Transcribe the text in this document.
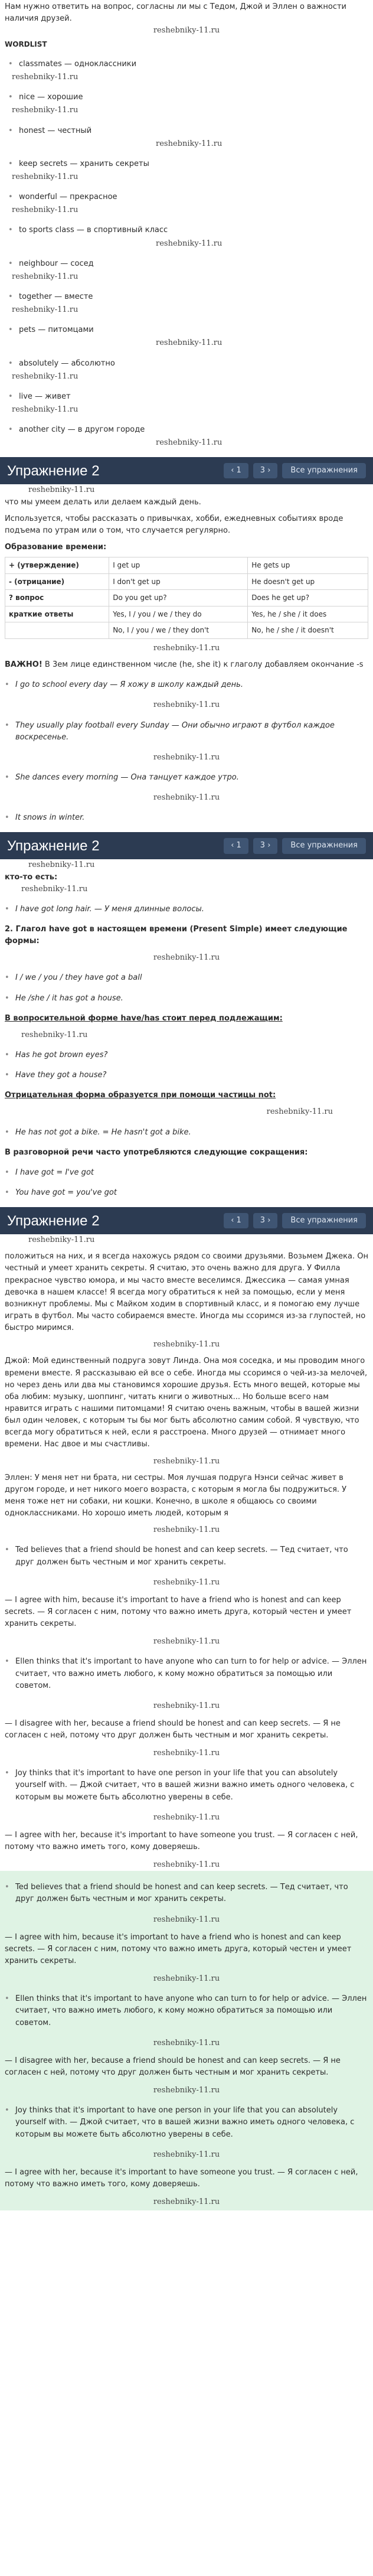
Нам нужно ответить на вопрос, согласны ли мы с Тедом, Джой и Эллен о важности наличия друзей.
reshebniky-11.ru
WORDLIST
• classmates — одноклассники
reshebniky-11.ru
• nice — хорошие
reshebniky-11.ru
• honest — честный
reshebniky-11.ru
• keep secrets — хранить секреты
reshebniky-11.ru
• wonderful — прекрасное
reshebniky-11.ru
• to sports class — в спортивный класс
reshebniky-11.ru
• neighbour — сосед
reshebniky-11.ru
• together — вместе
reshebniky-11.ru
• pets — питомцами
reshebniky-11.ru
• absolutely — абсолютно
reshebniky-11.ru
• live — живет
reshebniky-11.ru
• another city — в другом городе
reshebniky-11.ru
Упражнение 2	‹ 1	3 ›	Все упражнения
reshebniky-11.ru
что мы умеем делать или делаем каждый день.
Используется, чтобы рассказать о привычках, хобби, ежедневных событиях вроде подъема по утрам или о том, что случается регулярно.
Образование времени:
+ (утверждение)	I get up	He gets up
- (отрицание)	I don't get up	He doesn't get up
? вопрос	Do you get up?	Does he get up?
краткие ответы	Yes, I / you / we / they do	Yes, he / she / it does
	No, I / you / we / they don't	No, he / she / it doesn't
reshebniky-11.ru
ВАЖНО! В 3ем лице единственном числе (he, she it) к глаголу добавляем окончание -s
• I go to school every day — Я хожу в школу каждый день.
reshebniky-11.ru
• They usually play football every Sunday — Они обычно играют в футбол каждое воскресенье.
reshebniky-11.ru
• She dances every morning — Она танцует каждое утро.
reshebniky-11.ru
• It snows in winter.
Упражнение 2	‹ 1	3 ›	Все упражнения
reshebniky-11.ru
кто-то есть:
reshebniky-11.ru
• I have got long hair. — У меня длинные волосы.
2. Глагол have got в настоящем времени (Present Simple) имеет следующие формы:
reshebniky-11.ru
• I / we / you / they have got a ball
• He /she / it has got a house.
В вопросительной форме have/has стоит перед подлежащим:
reshebniky-11.ru
• Has he got brown eyes?
• Have they got a house?
Отрицательная форма образуется при помощи частицы not:
reshebniky-11.ru
• He has not got a bike. = He hasn't got a bike.
В разговорной речи часто употребляются следующие сокращения:
• I have got = I've got
• You have got = you've got
Упражнение 2	‹ 1	3 ›	Все упражнения
reshebniky-11.ru
положиться на них, и я всегда нахожусь рядом со своими друзьями. Возьмем Джека. Он честный и умеет хранить секреты. Я считаю, это очень важно для друга. У Филла прекрасное чувство юмора, и мы часто вместе веселимся. Джессика — самая умная девочка в нашем классе! Я всегда могу обратиться к ней за помощью, если у меня возникнут проблемы. Мы с Майком ходим в спортивный класс, и я помогаю ему лучше играть в футбол. Мы часто собираемся вместе. Иногда мы ссоримся из-за глупостей, но быстро миримся.
reshebniky-11.ru
Джой: Мой единственный подруга зовут Линда. Она моя соседка, и мы проводим много времени вместе. Я рассказываю ей все о себе. Иногда мы ссоримся о чей-из-за мелочей, но через день или два мы становимся хорошие друзья. Есть много вещей, которые мы оба любим: музыку, шоппинг, читать книги о животных... Но больше всего нам нравится играть с нашими питомцами! Я считаю очень важным, чтобы в вашей жизни был один человек, с которым ты бы мог быть абсолютно самим собой. Я чувствую, что всегда могу обратиться к ней, если я расстроена. Много друзей — отнимает много времени. Нас двое и мы счастливы.
reshebniky-11.ru
Эллен: У меня нет ни брата, ни сестры. Моя лучшая подруга Нэнси сейчас живет в другом городе, и нет никого моего возраста, с которым я могла бы подружиться. У меня тоже нет ни собаки, ни кошки. Конечно, в школе я общаюсь со своими одноклассниками. Но хорошо иметь людей, которым я
reshebniky-11.ru
• Ted believes that a friend should be honest and can keep secrets. — Тед считает, что друг должен быть честным и мог хранить секреты.
reshebniky-11.ru
— I agree with him, because it's important to have a friend who is honest and can keep secrets. — Я согласен с ним, потому что важно иметь друга, который честен и умеет хранить секреты.
reshebniky-11.ru
• Ellen thinks that it's important to have anyone who can turn to for help or advice. — Эллен считает, что важно иметь любого, к кому можно обратиться за помощью или советом.
reshebniky-11.ru
— I disagree with her, because a friend should be honest and can keep secrets. — Я не согласен с ней, потому что друг должен быть честным и мог хранить секреты.
reshebniky-11.ru
• Joy thinks that it's important to have one person in your life that you can absolutely yourself with. — Джой считает, что в вашей жизни важно иметь одного человека, с которым вы можете быть абсолютно уверены в себе.
reshebniky-11.ru
— I agree with her, because it's important to have someone you trust. — Я согласен с ней, потому что важно иметь того, кому доверяешь.
reshebniky-11.ru
• Ted believes that a friend should be honest and can keep secrets. — Тед считает, что друг должен быть честным и мог хранить секреты.
reshebniky-11.ru
— I agree with him, because it's important to have a friend who is honest and can keep secrets. — Я согласен с ним, потому что важно иметь друга, который честен и умеет хранить секреты.
reshebniky-11.ru
• Ellen thinks that it's important to have anyone who can turn to for help or advice. — Эллен считает, что важно иметь любого, к кому можно обратиться за помощью или советом.
reshebniky-11.ru
— I disagree with her, because a friend should be honest and can keep secrets. — Я не согласен с ней, потому что друг должен быть честным и мог хранить секреты.
reshebniky-11.ru
• Joy thinks that it's important to have one person in your life that you can absolutely yourself with. — Джой считает, что в вашей жизни важно иметь одного человека, с которым вы можете быть абсолютно уверены в себе.
reshebniky-11.ru
— I agree with her, because it's important to have someone you trust. — Я согласен с ней, потому что важно иметь того, кому доверяешь.
reshebniky-11.ru
